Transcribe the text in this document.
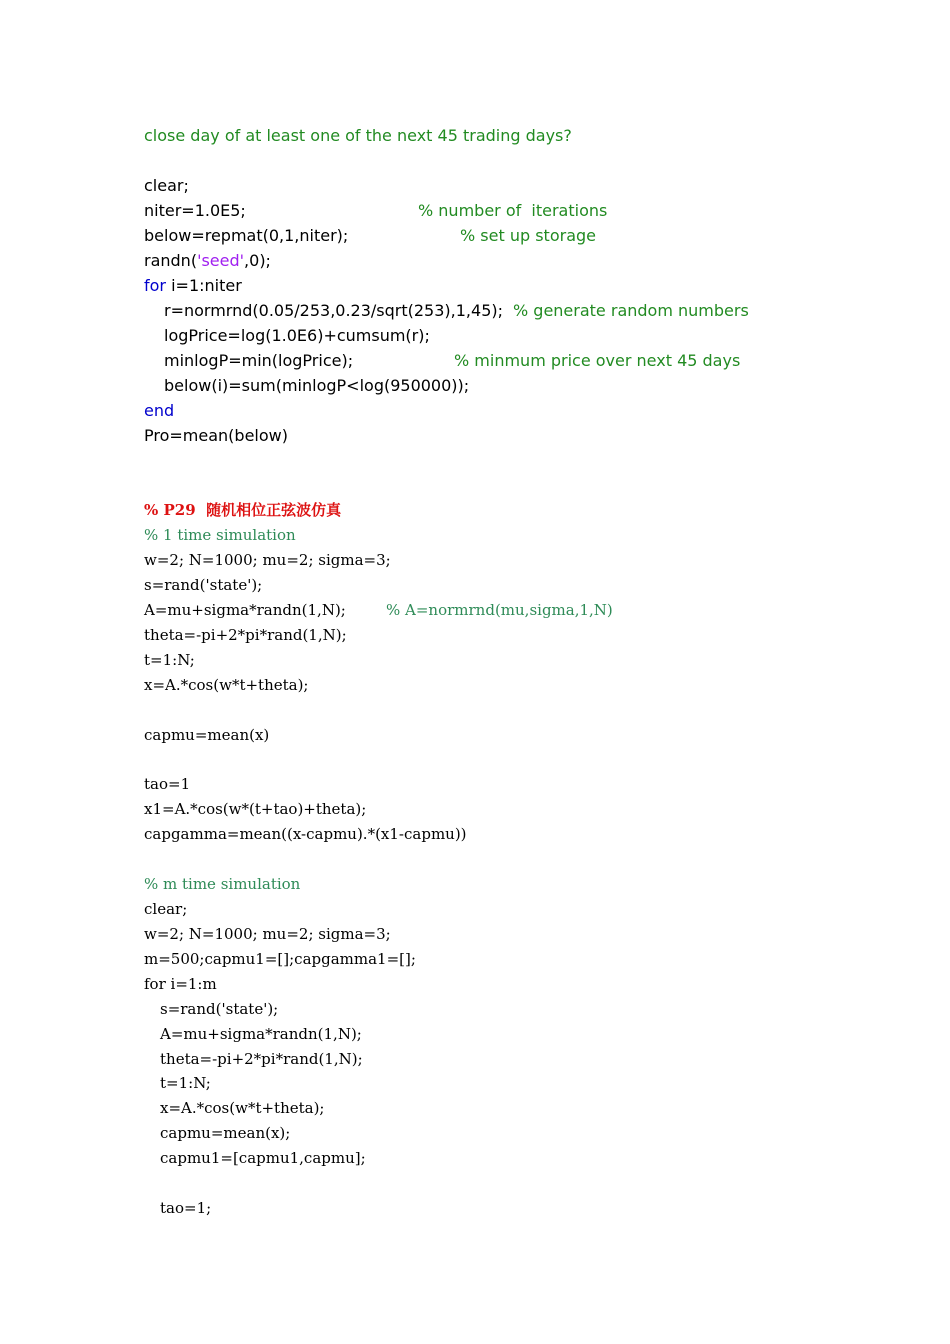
close day of at least one of the next 45 trading days?
clear;

niter=1.0E5;

	% number of  iterations

below=repmat(0,1,niter);

	% set up storage

randn('seed',0);
for i=1:niter

r=normrnd(0.05/253,0.23/sqrt(253),1,45);

% generate random numbers

logPrice=log(1.0E6)+cumsum(r);

minlogP=min(logPrice);

	% minmum price over next 45 days

below(i)=sum(minlogP<log(950000));
end
Pro=mean(below)
% P29  随机相位正弦波仿真
% 1 time simulation
w=2; N=1000; mu=2; sigma=3;
s=rand('state');

A=mu+sigma*randn(1,N);

	% A=normrnd(mu,sigma,1,N)

theta=-pi+2*pi*rand(1,N);
t=1:N;
x=A.*cos(w*t+theta);
capmu=mean(x)
tao=1
x1=A.*cos(w*(t+tao)+theta);
capgamma=mean((x-capmu).*(x1-capmu))
% m time simulation
clear;
w=2; N=1000; mu=2; sigma=3;
m=500;capmu1=[];capgamma1=[];
for i=1:m
s=rand('state');
A=mu+sigma*randn(1,N);
theta=-pi+2*pi*rand(1,N);
t=1:N;
x=A.*cos(w*t+theta);
capmu=mean(x);
capmu1=[capmu1,capmu];
tao=1;
